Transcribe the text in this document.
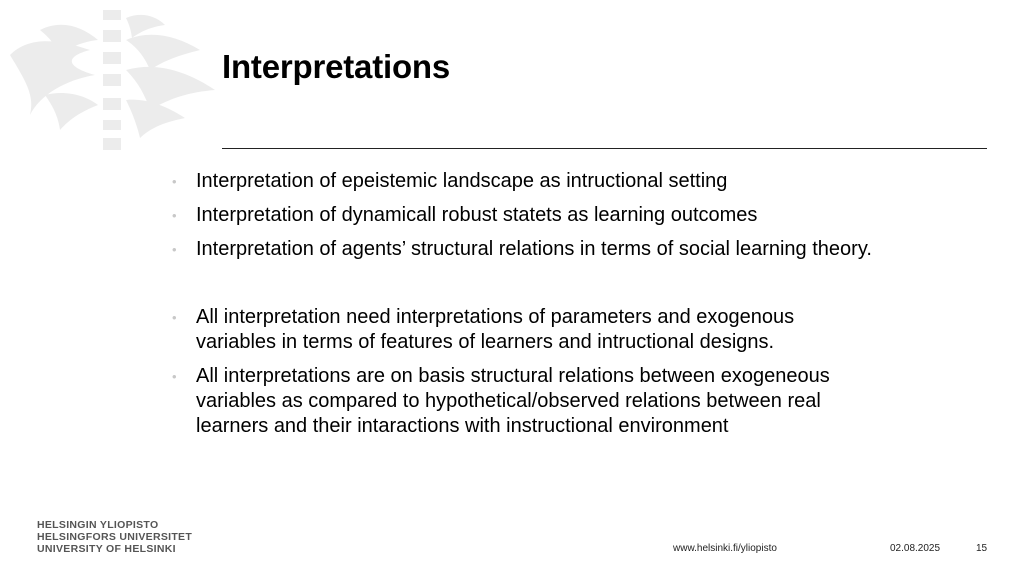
Interpretations
• Interpretation of epeistemic landscape as intructional setting
• Interpretation of dynamicall robust statets as learning outcomes
• Interpretation of agents’ structural relations in terms of social learning theory.
• All interpretation need interpretations of parameters and exogenous variables in terms of features of learners and intructional designs.
• All interpretations are on basis structural relations between exogeneous variables as compared to hypothetical/observed relations between real learners and their intaractions with instructional environment
HELSINGIN YLIOPISTO
HELSINGFORS UNIVERSITET
UNIVERSITY OF HELSINKI	www.helsinki.fi/yliopisto	02.08.2025	15
